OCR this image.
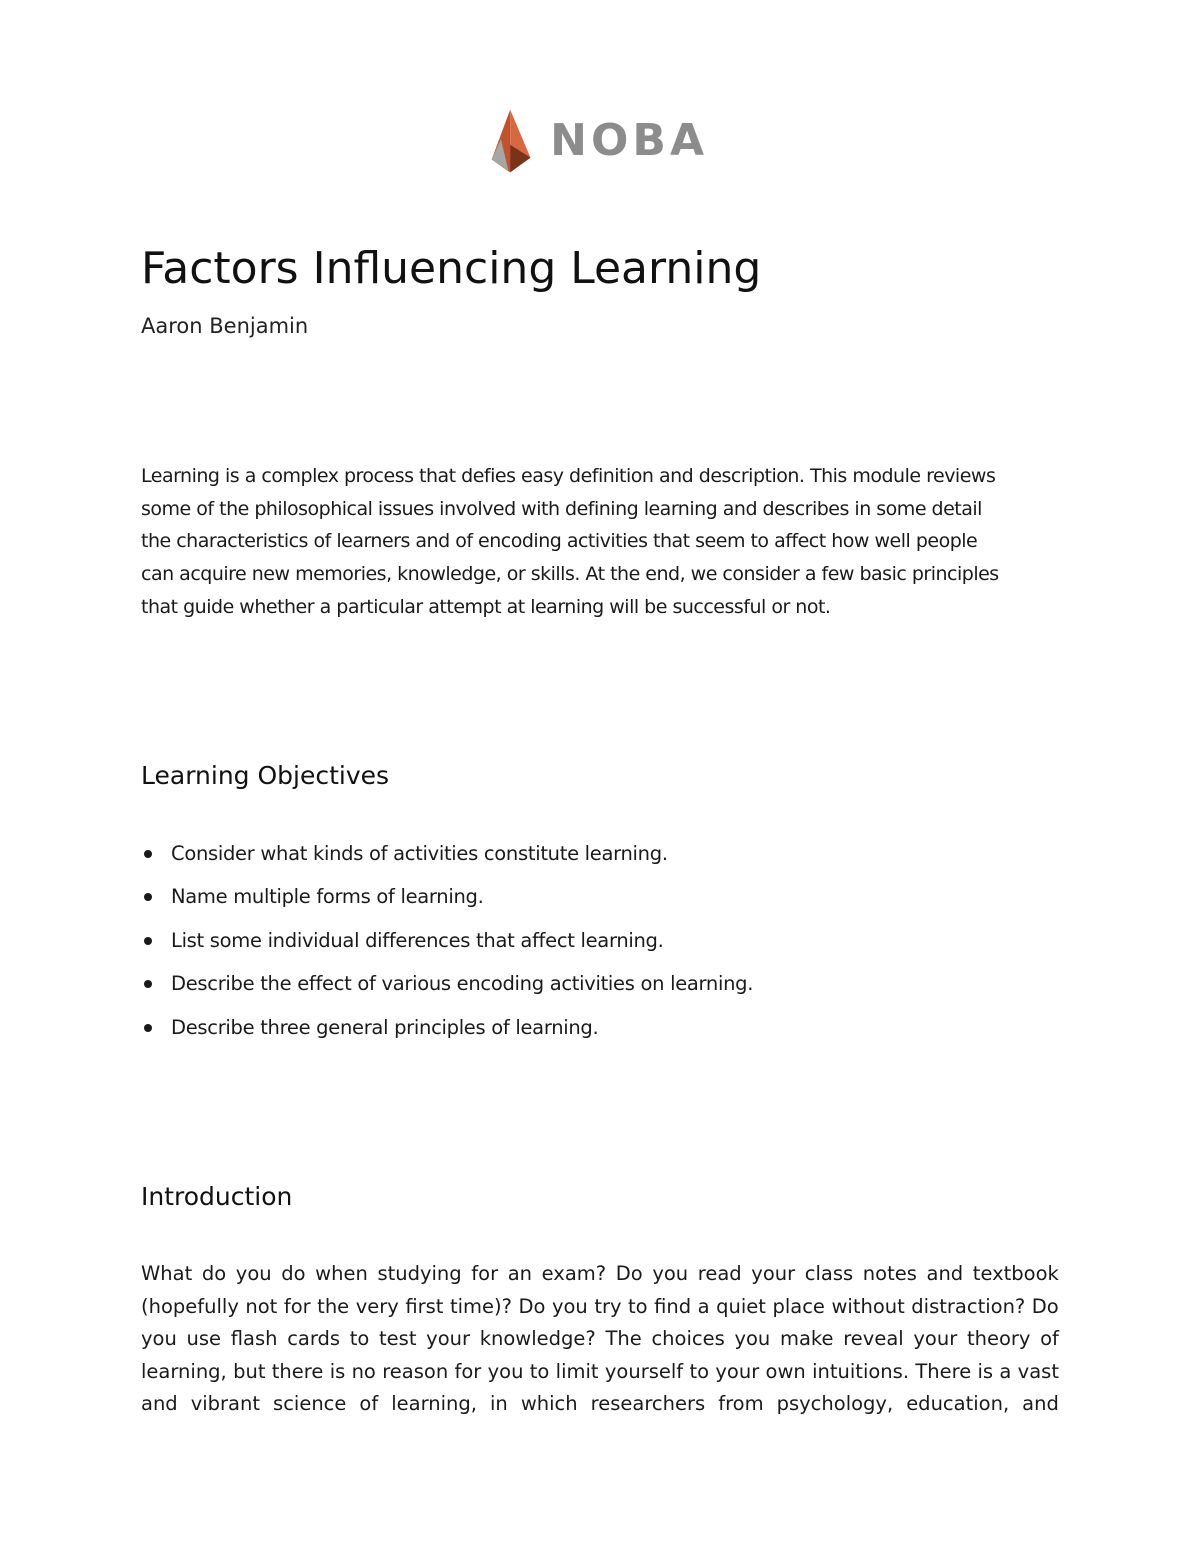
NOBA
Factors Influencing Learning
Aaron Benjamin

Learning is a complex process that defies easy definition and description. This module reviews
some of the philosophical issues involved with defining learning and describes in some detail
the characteristics of learners and of encoding activities that seem to affect how well people
can acquire new memories, knowledge, or skills. At the end, we consider a few basic principles
that guide whether a particular attempt at learning will be successful or not.

Learning Objectives
Consider what kinds of activities constitute learning.
Name multiple forms of learning.
List some individual differences that affect learning.
Describe the effect of various encoding activities on learning.
Describe three general principles of learning.
Introduction
What do you do when studying for an exam? Do you read your class notes and textbook
(hopefully not for the very first time)? Do you try to find a quiet place without distraction? Do
you use flash cards to test your knowledge? The choices you make reveal your theory of
learning, but there is no reason for you to limit yourself to your own intuitions. There is a vast
and vibrant science of learning, in which researchers from psychology, education, and
